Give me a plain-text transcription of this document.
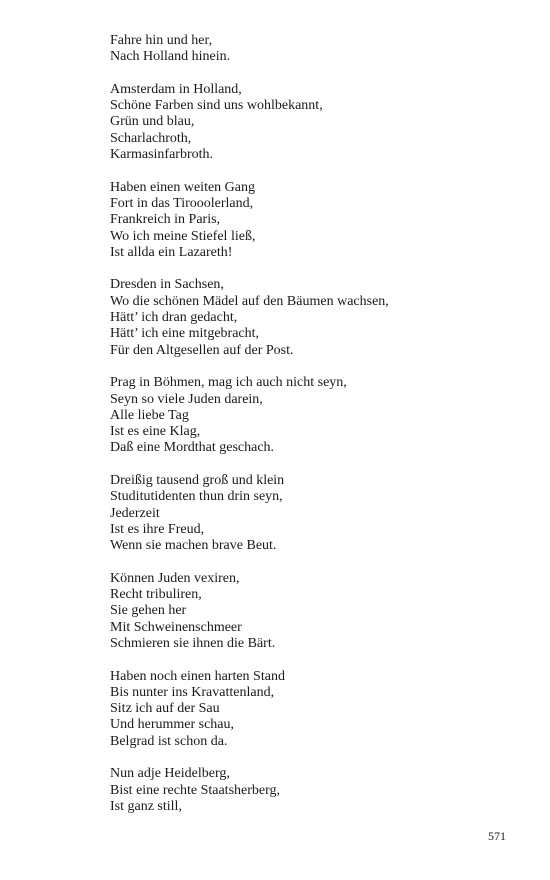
Fahre hin und her,
Nach Holland hinein.
Amsterdam in Holland,
Schöne Farben sind uns wohlbekannt,
Grün und blau,
Scharlachroth,
Karmasinfarbroth.
Haben einen weiten Gang
Fort in das Tirooolerland,
Frankreich in Paris,
Wo ich meine Stiefel ließ,
Ist allda ein Lazareth!
Dresden in Sachsen,
Wo die schönen Mädel auf den Bäumen wachsen,
Hätt’ ich dran gedacht,
Hätt’ ich eine mitgebracht,
Für den Altgesellen auf der Post.
Prag in Böhmen, mag ich auch nicht seyn,
Seyn so viele Juden darein,
Alle liebe Tag
Ist es eine Klag,
Daß eine Mordthat geschach.
Dreißig tausend groß und klein
Studitutidenten thun drin seyn,
Jederzeit
Ist es ihre Freud,
Wenn sie machen brave Beut.
Können Juden vexiren,
Recht tribuliren,
Sie gehen her
Mit Schweinenschmeer
Schmieren sie ihnen die Bärt.
Haben noch einen harten Stand
Bis nunter ins Kravattenland,
Sitz ich auf der Sau
Und herummer schau,
Belgrad ist schon da.
Nun adje Heidelberg,
Bist eine rechte Staatsherberg,
Ist ganz still,
571
